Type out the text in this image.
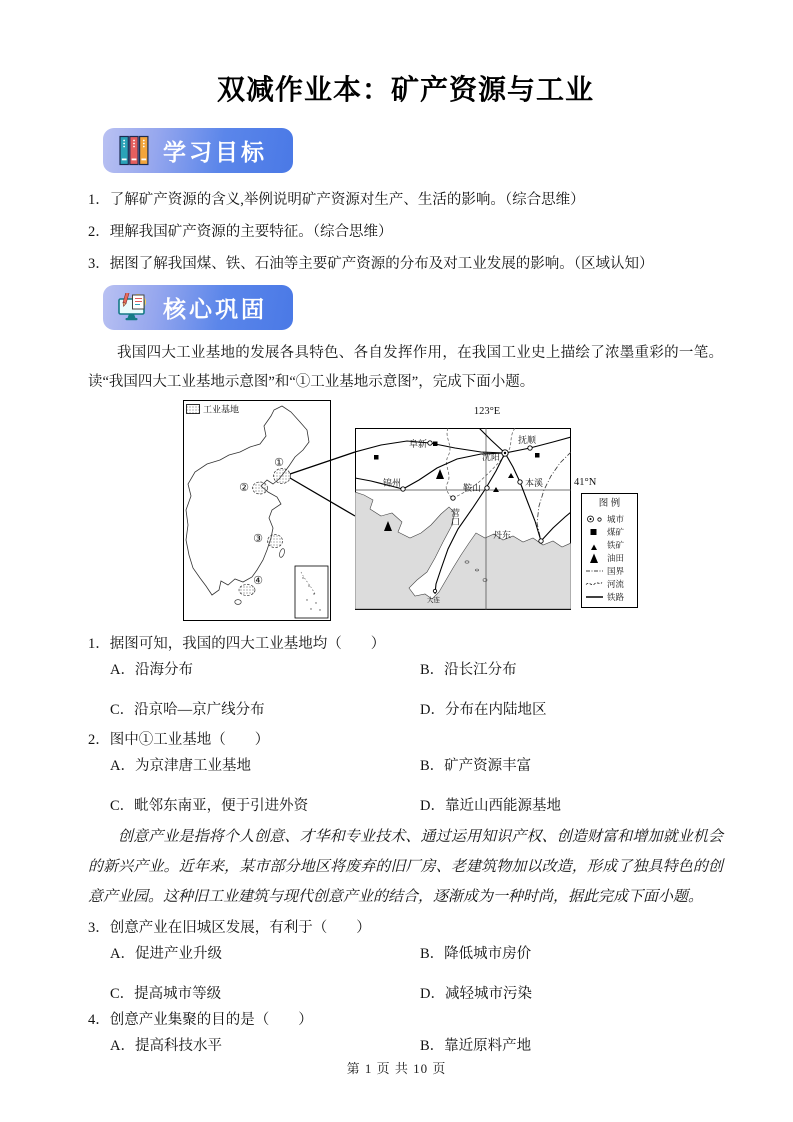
双减作业本：矿产资源与工业
学习目标

1．了解矿产资源的含义,举例说明矿产资源对生产、生活的影响。（综合思维）

2．理解我国矿产资源的主要特征。（综合思维）

3．据图了解我国煤、铁、石油等主要矿产资源的分布及对工业发展的影响。（区域认知）

核心巩固

我国四大工业基地的发展各具特色、各自发挥作用，在我国工业史上描绘了浓墨重彩的一笔。读“我国四大工业基地示意图”和“①工业基地示意图”，完成下面小题。

工业基地
①
②
③
④
阜新	抚顺
沈阳
锦州	鞍山	本溪
营口
丹东
大连
123°E
41°N
图 例
城市
煤矿
铁矿
油田
国界
河流
铁路

1．据图可知，我国的四大工业基地均（　　）

A．沿海分布	B．沿长江分布
C．沿京哈—京广线分布	D．分布在内陆地区

2．图中①工业基地（　　）

A．为京津唐工业基地	B．矿产资源丰富
C．毗邻东南亚，便于引进外资	D．靠近山西能源基地

创意产业是指将个人创意、才华和专业技术、通过运用知识产权、创造财富和增加就业机会的新兴产业。近年来，某市部分地区将废弃的旧厂房、老建筑物加以改造，形成了独具特色的创意产业园。这种旧工业建筑与现代创意产业的结合，逐渐成为一种时尚，据此完成下面小题。

3．创意产业在旧城区发展，有利于（　　）

A．促进产业升级	B．降低城市房价
C．提高城市等级	D．减轻城市污染

4．创意产业集聚的目的是（　　）

A．提高科技水平	B．靠近原料产地
第 1 页 共 10 页
